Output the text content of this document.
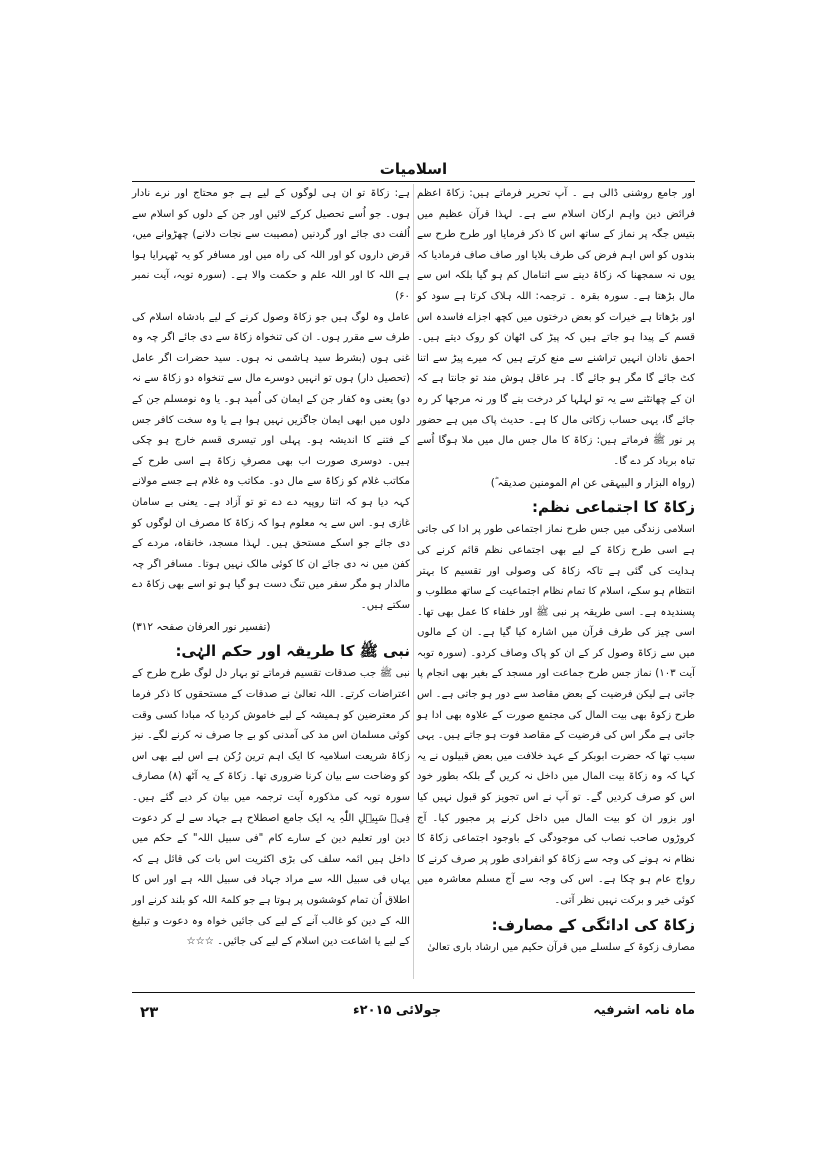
اسلامیات

اور جامع روشنی ڈالی ہے ۔ آپ تحریر فرماتے ہیں: زکاۃ اعظم فرائض دین واہم ارکان اسلام سے ہے۔ لہذا قرآن عظیم میں بتیس جگہ پر نماز کے ساتھ اس کا ذکر فرمایا اور طرح طرح سے بندوں کو اس اہم فرض کی طرف بلایا اور صاف صاف فرمادیا کہ یوں نہ سمجھنا کہ زکاۃ دینے سے اتنامال کم ہو گیا بلکہ اس سے مال بڑھتا ہے۔ سورہ بقرہ ۔ ترجمہ: اللہ ہلاک کرتا ہے سود کو اور بڑھاتا ہے خیرات کو بعض درختوں میں کچھ اجزاے فاسدہ اس قسم کے پیدا ہو جاتے ہیں کہ پیڑ کی اٹھان کو روک دیتے ہیں۔ احمق نادان انہیں تراشنے سے منع کرتے ہیں کہ میرے پیڑ سے اتنا کٹ جائے گا مگر ہو جائے گا۔ ہر عاقل ہوش مند تو جانتا ہے کہ ان کے چھانٹنے سے یہ تو لہلہا کر درخت بنے گا ور نہ مرجھا کر رہ جائے گا، یہی حساب زکاتی مال کا ہے۔ حدیث پاک میں ہے حضور پر نور ﷺ فرماتے ہیں: زکاۃ کا مال جس مال میں ملا ہوگا اُسے تباہ برباد کر دے گا۔

(رواہ البزار و البیہقی عن ام المومنین صدیقہ ؓ)

زکاۃ کا اجتماعی نظم:

اسلامی زندگی میں جس طرح نماز اجتماعی طور پر ادا کی جاتی ہے اسی طرح زکاۃ کے لیے بھی اجتماعی نظم قائم کرنے کی ہدایت کی گئی ہے تاکہ زکاۃ کی وصولی اور تقسیم کا بہتر انتظام ہو سکے، اسلام کا تمام نظام اجتماعیت کے ساتھ مطلوب و پسندیدہ ہے۔ اسی طریقہ پر نبی ﷺ اور خلفاء کا عمل بھی تھا۔ اسی چیز کی طرف قرآن میں اشارہ کیا گیا ہے۔ ان کے مالوں میں سے زکاۃ وصول کر کے ان کو پاک وصاف کردو۔ (سورہ توبہ آیت ۱۰۳) نماز جس طرح جماعت اور مسجد کے بغیر بھی انجام پا جاتی ہے لیکن فرضیت کے بعض مقاصد سے دور ہو جاتی ہے۔ اس طرح زکوۃ بھی بیت المال کی مجتمع صورت کے علاوہ بھی ادا ہو جاتی ہے مگر اس کی فرضیت کے مقاصد فوت ہو جاتے ہیں۔ یہی سبب تھا کہ حضرت ابوبکر کے عہد خلافت میں بعض قبیلوں نے یہ کہا کہ وہ زکاۃ بیت المال میں داخل نہ کریں گے بلکہ بطور خود اس کو صرف کردیں گے۔ تو آپ نے اس تجویز کو قبول نہیں کیا اور بزور ان کو بیت المال میں داخل کرنے پر مجبور کیا۔ آج کروڑوں صاحب نصاب کی موجودگی کے باوجود اجتماعی زکاۃ کا نظام نہ ہونے کی وجہ سے زکاۃ کو انفرادی طور پر صرف کرنے کا رواج عام ہو چکا ہے۔ اس کی وجہ سے آج مسلم معاشرہ میں کوئی خیر و برکت نہیں نظر آتی۔

زکاۃ کی ادائگی کے مصارف:

مصارف زکوۃ کے سلسلے میں قرآن حکیم میں ارشاد باری تعالیٰ

ہے: زکاۃ تو ان ہی لوگوں کے لیے ہے جو محتاج اور نرے نادار ہوں۔ جو اُسے تحصیل کرکے لائیں اور جن کے دلوں کو اسلام سے اُلفت دی جائے اور گردنیں (مصیبت سے نجات دلانے) چھڑوانے میں، قرض داروں کو اور اللہ کی راہ میں اور مسافر کو یہ ٹھہرایا ہوا ہے اللہ کا اور اللہ علم و حکمت والا ہے۔ (سورہ توبہ، آیت نمبر ۶۰)

عامل وہ لوگ ہیں جو زکاۃ وصول کرنے کے لیے بادشاہ اسلام کی طرف سے مقرر ہوں۔ ان کی تنخواہ زکاۃ سے دی جائے اگر چہ وہ غنی ہوں (بشرط سید ہاشمی نہ ہوں۔ سید حضرات اگر عامل (تحصیل دار) ہوں تو انہیں دوسرے مال سے تنخواہ دو زکاۃ سے نہ دو) یعنی وہ کفار جن کے ایمان کی اُمید ہو۔ یا وہ نومسلم جن کے دلوں میں ابھی ایمان جاگزیں نہیں ہوا ہے یا وہ سخت کافر جس کے فتنے کا اندیشہ ہو۔ پہلی اور تیسری قسم خارج ہو چکی ہیں۔ دوسری صورت اب بھی مصرفِ زکاۃ ہے اسی طرح کے مکاتب غلام کو زکاۃ سے مال دو۔ مکاتب وہ غلام ہے جسے مولانے کہہ دیا ہو کہ اتنا روپیہ دے دے تو تو آزاد ہے۔ یعنی بے سامان غازی ہو۔ اس سے یہ معلوم ہوا کہ زکاۃ کا مصرف ان لوگوں کو دی جائے جو اسکے مستحق ہیں۔ لہذا مسجد، خانقاہ، مردے کے کفن میں نہ دی جائے ان کا کوئی مالک نہیں ہوتا۔ مسافر اگر چہ مالدار ہو مگر سفر میں تنگ دست ہو گیا ہو تو اسے بھی زکاۃ دے سکتے ہیں۔

(تفسیر نور العرفان صفحہ ۳۱۲)

نبی ﷺ کا طریقہ اور حکم الہٰی:

نبی ﷺ جب صدقات تقسیم فرماتے تو بہار دل لوگ طرح طرح کے اعتراضات کرتے۔ اللہ تعالیٰ نے صدقات کے مستحقوں کا ذکر فرما کر معترضین کو ہمیشہ کے لیے خاموش کردیا کہ مبادا کسی وقت کوئی مسلمان اس مد کی آمدنی کو بے جا صرف نہ کرنے لگے۔ نیز زکاۃ شریعت اسلامیہ کا ایک اہم ترین رُکن ہے اس لیے بھی اس کو وضاحت سے بیان کرنا ضروری تھا۔ زکاۃ کے یہ آٹھ (۸) مصارف سورہ توبہ کی مذکورہ آیت ترجمہ میں بیان کر دیے گئے ہیں۔ فِیۡ سَبِیۡلِ اللّٰہِ یہ ایک جامع اصطلاح ہے جہاد سے لے کر دعوت دین اور تعلیم دین کے سارے کام "فی سبیل اللہ" کے حکم میں داخل ہیں ائمہ سلف کی بڑی اکثریت اس بات کی قائل ہے کہ یہاں فی سبیل اللہ سے مراد جہاد فی سبیل اللہ ہے اور اس کا اطلاق اُن تمام کوششوں پر ہوتا ہے جو کلمۃ اللہ کو بلند کرنے اور اللہ کے دین کو غالب آنے کے لیے کی جائیں خواہ وہ دعوت و تبلیغ کے لیے یا اشاعت دین اسلام کے لیے کی جائیں۔ ☆☆☆

ماہ نامہ اشرفیہ
جولائی ۲۰۱۵ء
۲۳
